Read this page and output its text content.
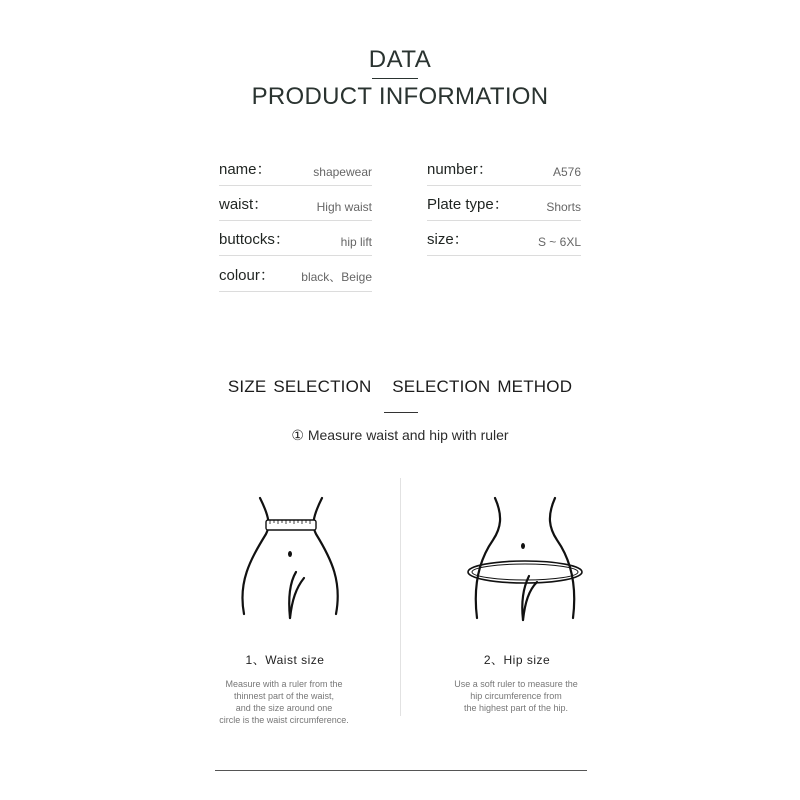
DATA
PRODUCT INFORMATION
name：	shapewear
waist：	High waist
buttocks：	hip lift
colour： black、Beige
number：	A576
Plate type：	Shorts
size：	S ~ 6XL
SIZE SELECTION   SELECTION METHOD
① Measure waist and hip with ruler
1、Waist size	2、Hip size
Measure with a ruler from the
thinnest part of the waist,
and the size around one
circle is the waist circumference.
Use a soft ruler to measure the
hip circumference from
the highest part of the hip.
